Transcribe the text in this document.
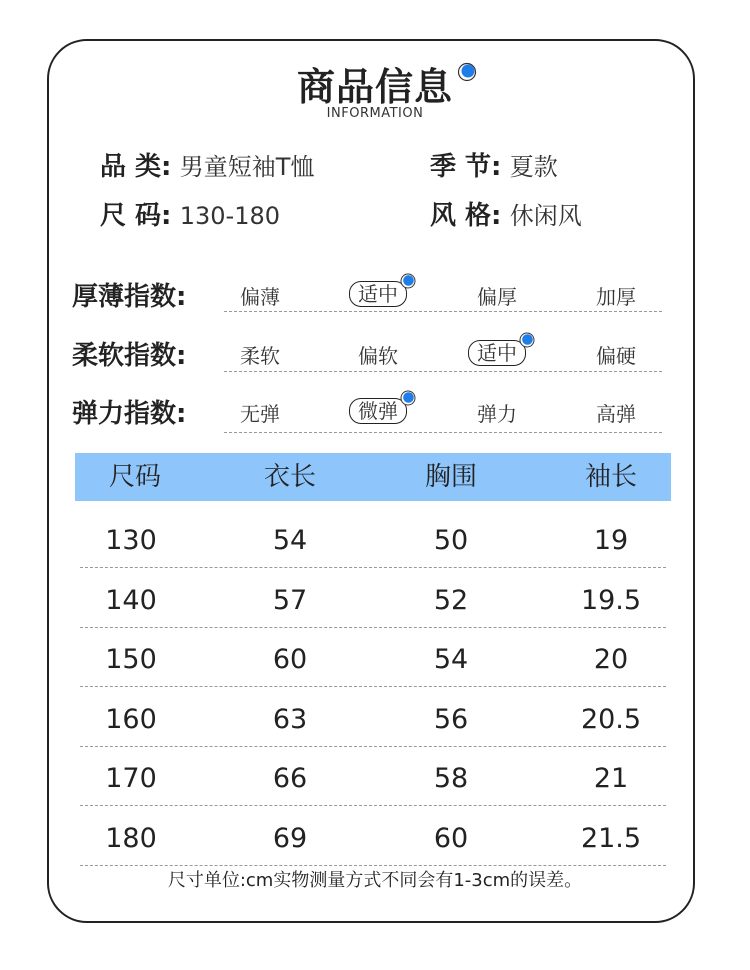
商品信息
INFORMATION
品 类: 男童短袖T恤	季 节: 夏款
尺 码: 130-180	风 格: 休闲风
厚薄指数:	偏薄	适中	偏厚	加厚
柔软指数:	柔软	偏软	适中	偏硬
弹力指数:	无弹	微弹	弹力	高弹
尺码	衣长	胸围	袖长
130	54	50	19
140	57	52	19.5
150	60	54	20
160	63	56	20.5
170	66	58	21
180	69	60	21.5
尺寸单位:cm实物测量方式不同会有1-3cm的误差。
